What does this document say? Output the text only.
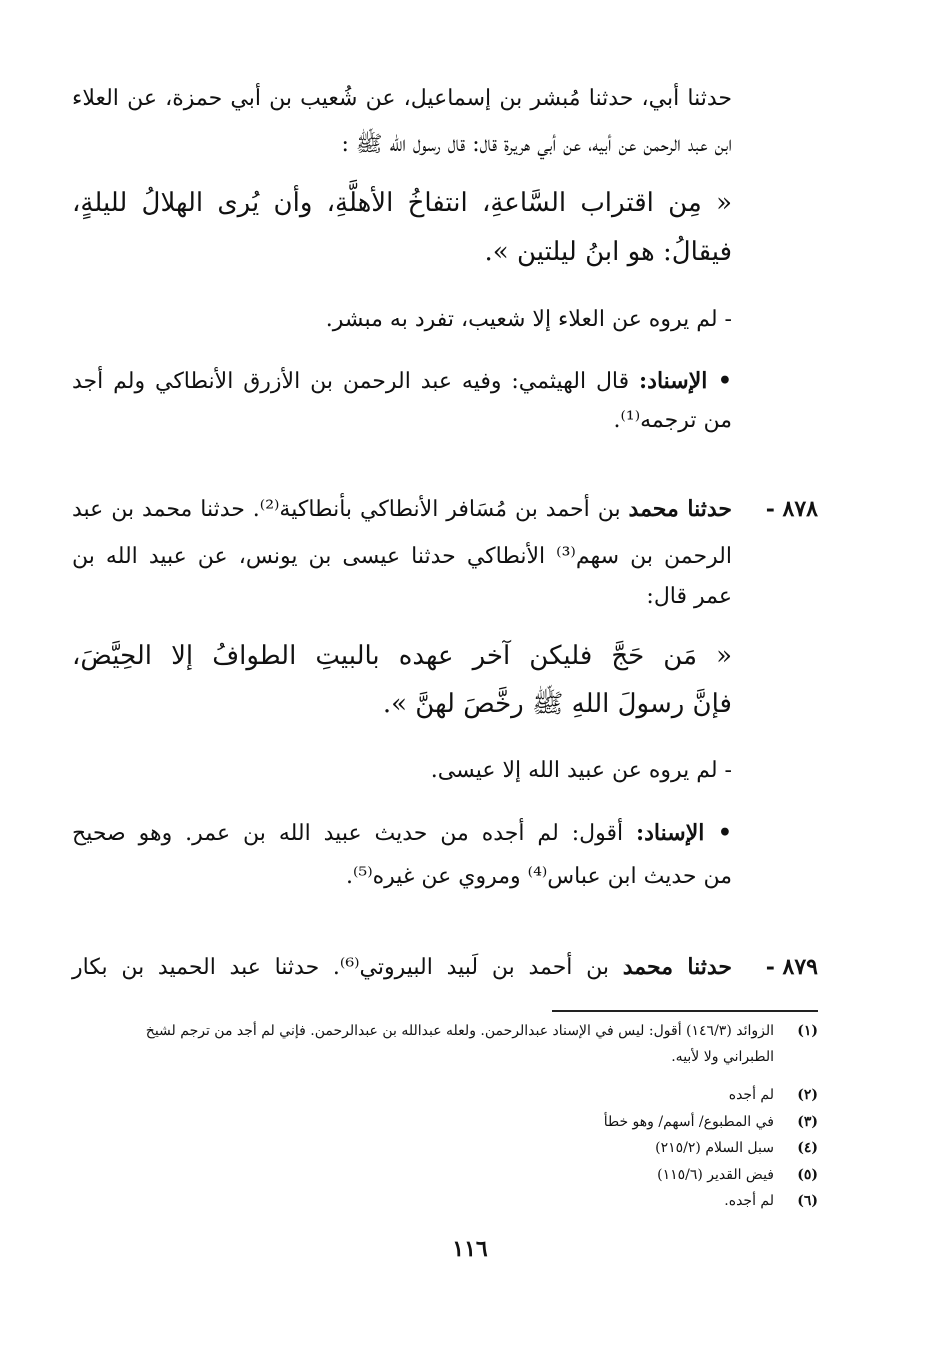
حدثنا أبي، حدثنا مُبشر بن إسماعيل، عن شُعيب بن أبي حمزة، عن العلاء
ابن عبد الرحمن عن أبيه، عن أبي هريرة قال: قال رسول الله ﷺ :
« مِن اقتراب السَّاعةِ، انتفاخُ الأهلَّةِ، وأن يُرى الهلالُ لليلةٍ،
فيقالُ: هو ابنُ ليلتين ».
- لم يروه عن العلاء إلا شعيب، تفرد به مبشر.
• الإسناد: قال الهيثمي: وفيه عبد الرحمن بن الأزرق الأنطاكي ولم أجد
من ترجمه⁽¹⁾.
٨٧٨ -
حدثنا محمد بن أحمد بن مُسَافر الأنطاكي بأنطاكية⁽²⁾. حدثنا محمد بن عبد
الرحمن بن سهم⁽³⁾ الأنطاكي حدثنا عيسى بن يونس، عن عبيد الله بن
عمر قال:
« مَن حَجَّ فليكن آخر عهده بالبيتِ الطوافُ إلا الحِيَّضَ،
فإنَّ رسولَ اللهِ ﷺ رخَّصَ لهنَّ ».
- لم يروه عن عبيد الله إلا عيسى.
• الإسناد: أقول: لم أجده من حديث عبيد الله بن عمر. وهو صحيح
من حديث ابن عباس⁽⁴⁾ ومروي عن غيره⁽⁵⁾.
٨٧٩ -
حدثنا محمد بن أحمد بن لَبيد البيروتي⁽⁶⁾. حدثنا عبد الحميد بن بكار
(١)
الزوائد (١٤٦/٣) أقول: ليس في الإسناد عبدالرحمن. ولعله عبدالله بن عبدالرحمن. فإني لم أجد من ترجم لشيخ
الطبراني ولا لأبيه.
(٢)
لم أجده
(٣)
في المطبوع/ أسهم/ وهو خطأ
(٤)
سبل السلام (٢١٥/٢)
(٥)
فيض القدير (١١٥/٦)
(٦)
لم أجده.
١١٦
